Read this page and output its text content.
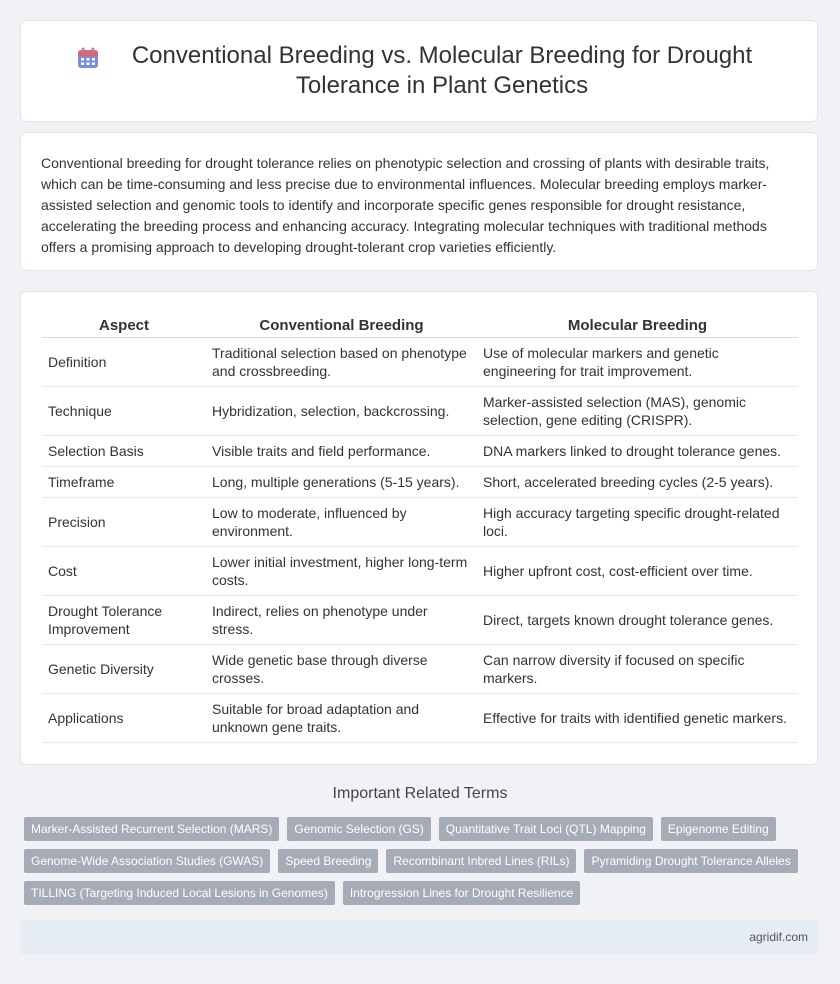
Conventional Breeding vs. Molecular Breeding for Drought Tolerance in Plant Genetics

Conventional breeding for drought tolerance relies on phenotypic selection and crossing of plants with desirable traits, which can be time-consuming and less precise due to environmental influences. Molecular breeding employs marker-assisted selection and genomic tools to identify and incorporate specific genes responsible for drought resistance, accelerating the breeding process and enhancing accuracy. Integrating molecular techniques with traditional methods offers a promising approach to developing drought-tolerant crop varieties efficiently.

Aspect	Conventional Breeding	Molecular Breeding
Definition	Traditional selection based on phenotype and crossbreeding.	Use of molecular markers and genetic engineering for trait improvement.
Technique	Hybridization, selection, backcrossing.	Marker-assisted selection (MAS), genomic selection, gene editing (CRISPR).
Selection Basis	Visible traits and field performance.	DNA markers linked to drought tolerance genes.
Timeframe	Long, multiple generations (5-15 years).	Short, accelerated breeding cycles (2-5 years).
Precision	Low to moderate, influenced by environment.	High accuracy targeting specific drought-related loci.
Cost	Lower initial investment, higher long-term costs.	Higher upfront cost, cost-efficient over time.
Drought Tolerance Improvement	Indirect, relies on phenotype under stress.	Direct, targets known drought tolerance genes.
Genetic Diversity	Wide genetic base through diverse crosses.	Can narrow diversity if focused on specific markers.
Applications	Suitable for broad adaptation and unknown gene traits.	Effective for traits with identified genetic markers.
Important Related Terms
Marker-Assisted Recurrent Selection (MARS)	Genomic Selection (GS)	Quantitative Trait Loci (QTL) Mapping	Epigenome Editing
Genome-Wide Association Studies (GWAS)	Speed Breeding	Recombinant Inbred Lines (RILs)	Pyramiding Drought Tolerance Alleles
TILLING (Targeting Induced Local Lesions in Genomes)	Introgression Lines for Drought Resilience
agridif.com
